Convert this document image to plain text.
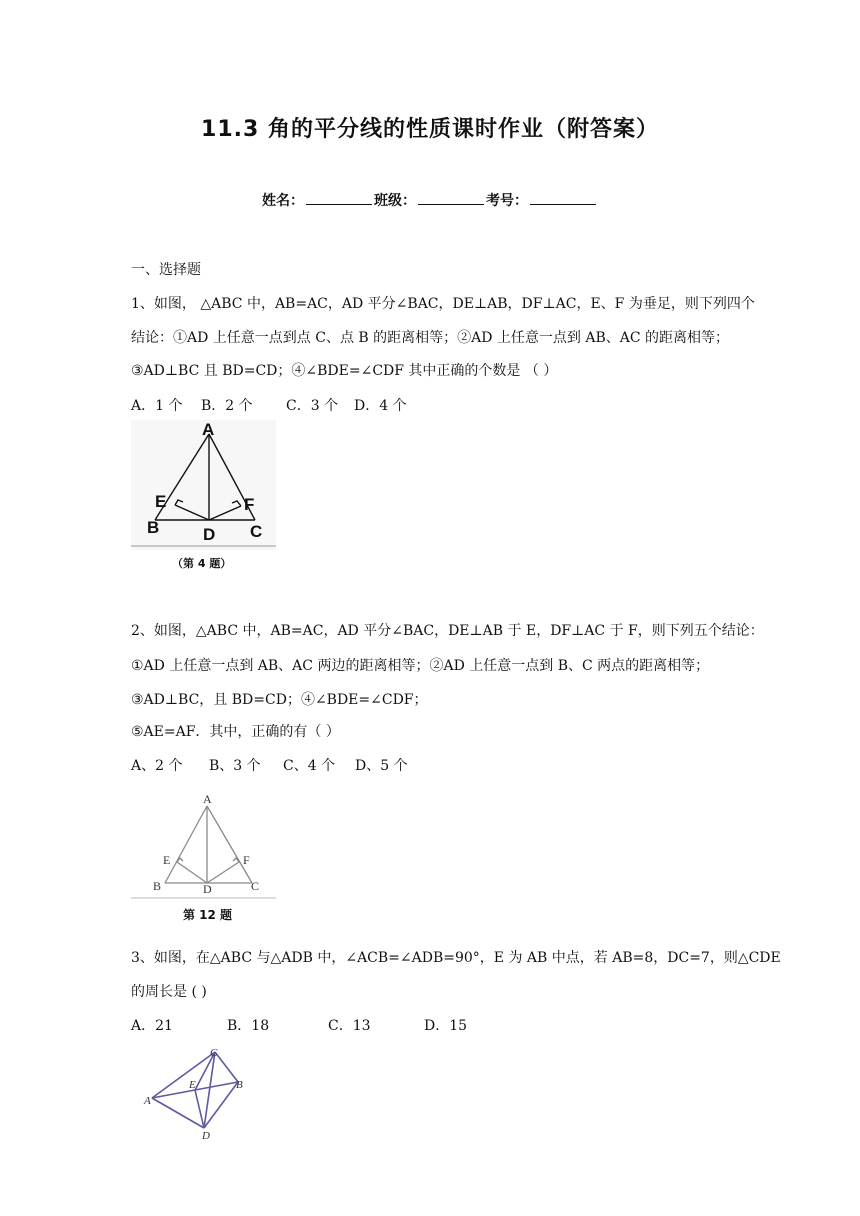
11.3 角的平分线的性质课时作业（附答案）
姓名：	班级：	考号：
一、选择题
1、如图， △ABC 中，AB=AC，AD 平分∠BAC，DE⊥AB，DF⊥AC，E、F 为垂足，则下列四个
结论：①AD 上任意一点到点 C、点 B 的距离相等；②AD 上任意一点到 AB、AC 的距离相等；
③AD⊥BC 且 BD=CD；④∠BDE=∠CDF 其中正确的个数是 （ ）
A．1 个 B．2 个 C．3 个 D．4 个
A
B	C
D
E	F
（第 4 题）
2、如图，△ABC 中，AB=AC，AD 平分∠BAC，DE⊥AB 于 E，DF⊥AC 于 F，则下列五个结论：
①AD 上任意一点到 AB、AC 两边的距离相等；②AD 上任意一点到 B、C 两点的距离相等；
③AD⊥BC，且 BD=CD；④∠BDE=∠CDF；
⑤AE=AF．其中，正确的有（ ）
A、2 个 B、3 个 C、4 个 D、5 个
A
B	C
D
E	F
第 12 题
3、如图，在△ABC 与△ADB 中，∠ACB=∠ADB=90°，E 为 AB 中点，若 AB=8，DC=7，则△CDE
的周长是 ( )
A．21	B．18	C．13	D．15
A
B
C
D
E
